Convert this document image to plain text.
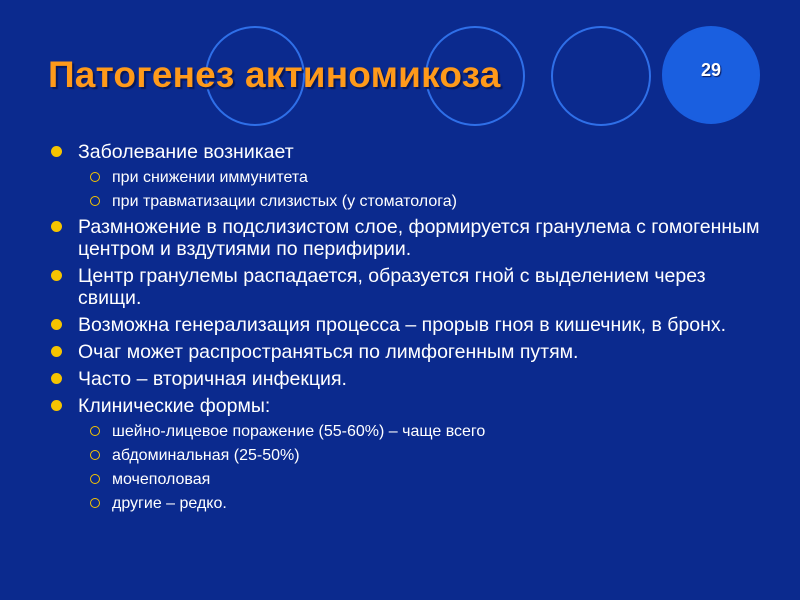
Патогенез актиномикоза	29
Заболевание возникает
при снижении иммунитета
при травматизации слизистых (у стоматолога)
Размножение в подслизистом слое, формируется гранулема с гомогенным центром и вздутиями по перифирии.
Центр гранулемы распадается, образуется гной с выделением через свищи.
Возможна генерализация процесса – прорыв гноя в кишечник, в бронх.
Очаг может распространяться по лимфогенным путям.
Часто – вторичная инфекция.
Клинические формы:
шейно-лицевое поражение (55-60%) – чаще всего
абдоминальная (25-50%)
мочеполовая
другие – редко.
